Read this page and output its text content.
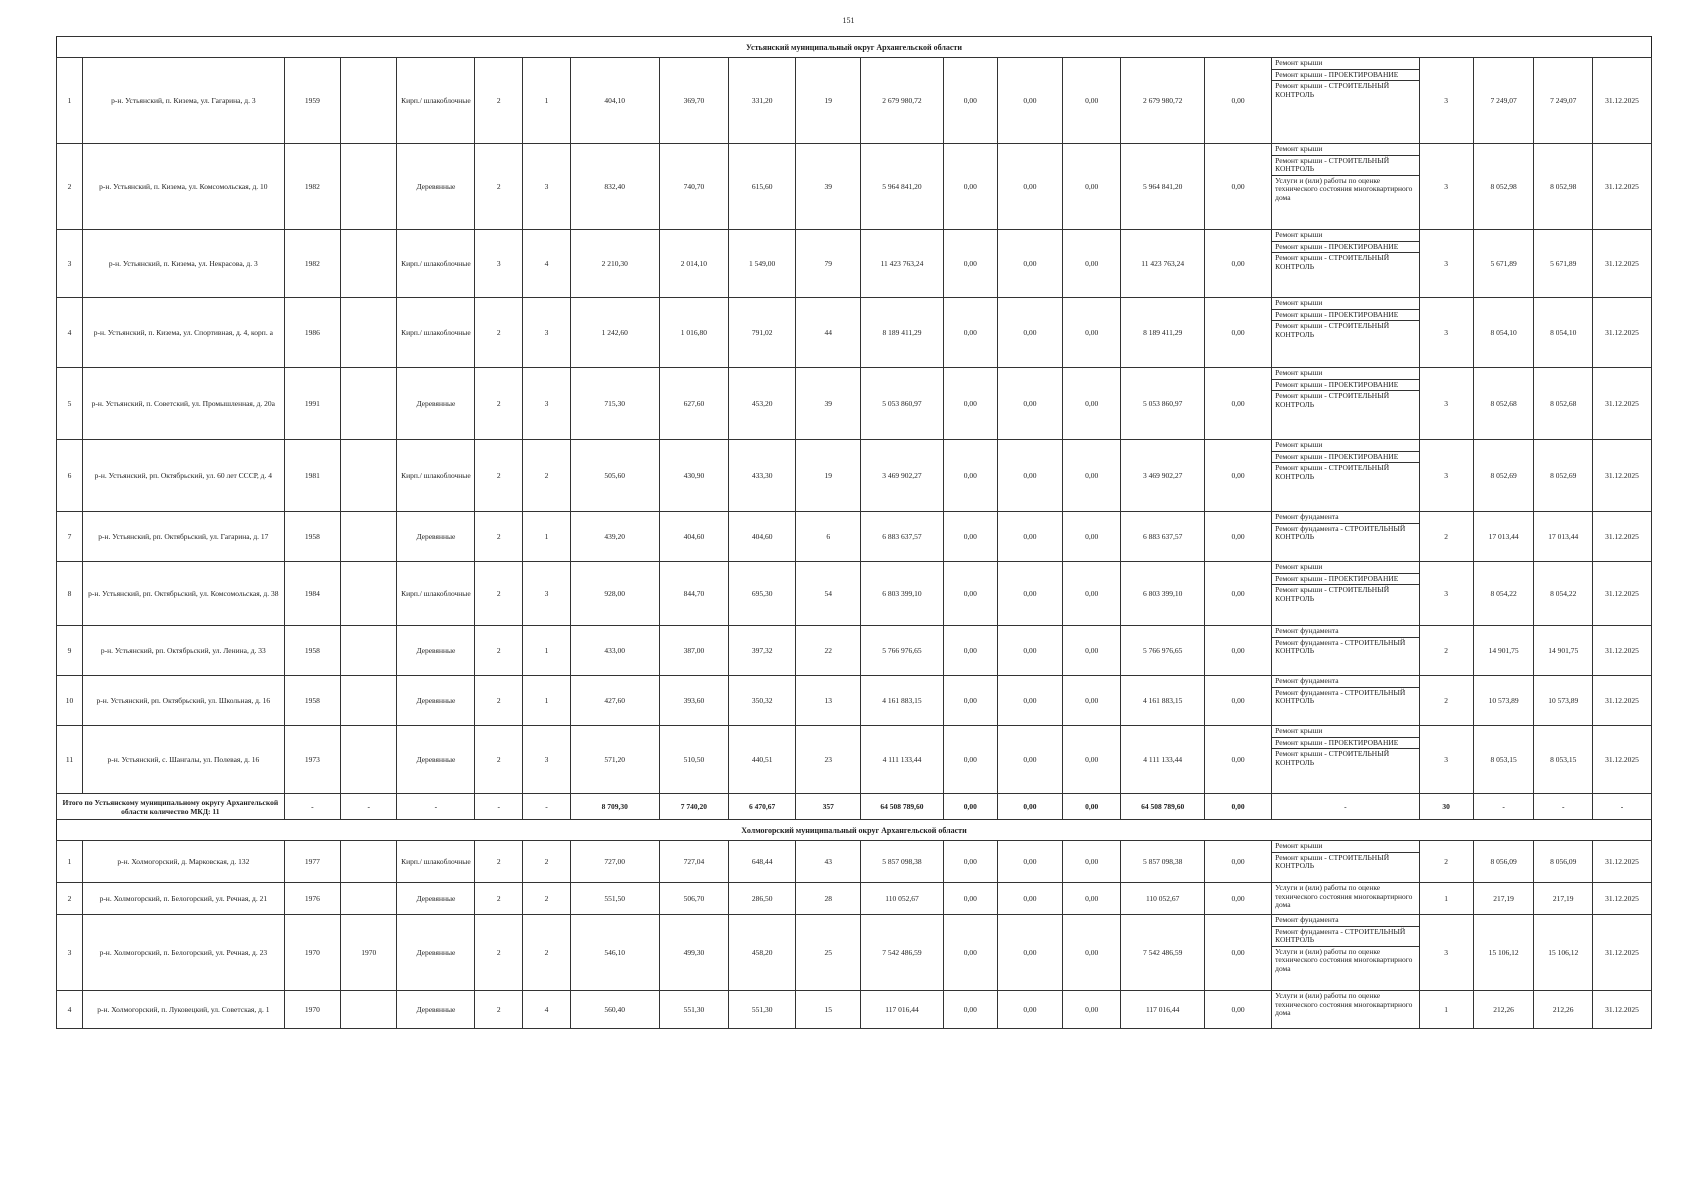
151
Устьянский муниципальный округ Архангельской области																					
1	р-н. Устьянский, п. Кизема, ул. Гагарина, д. 3	1959		Кирп./ шлакоблочные	2	1	404,10	369,70	331,20	19	2 679 980,72	0,00	0,00	0,00	2 679 980,72	0,00	Ремонт крыши
Ремонт крыши - ПРОЕКТИРОВАНИЕ
Ремонт крыши - СТРОИТЕЛЬНЫЙ КОНТРОЛЬ	3	7 249,07	7 249,07	31.12.2025
2	р-н. Устьянский, п. Кизема, ул. Комсомольская, д. 10	1982		Деревянные	2	3	832,40	740,70	615,60	39	5 964 841,20	0,00	0,00	0,00	5 964 841,20	0,00	Ремонт крыши
Ремонт крыши - СТРОИТЕЛЬНЫЙ КОНТРОЛЬ
Услуги и (или) работы по оценке технического состояния многоквартирного дома	3	8 052,98	8 052,98	31.12.2025
3	р-н. Устьянский, п. Кизема, ул. Некрасова, д. 3	1982		Кирп./ шлакоблочные	3	4	2 210,30	2 014,10	1 549,00	79	11 423 763,24	0,00	0,00	0,00	11 423 763,24	0,00	Ремонт крыши
Ремонт крыши - ПРОЕКТИРОВАНИЕ
Ремонт крыши - СТРОИТЕЛЬНЫЙ КОНТРОЛЬ	3	5 671,89	5 671,89	31.12.2025
4	р-н. Устьянский, п. Кизема, ул. Спортивная, д. 4, корп. а	1986		Кирп./ шлакоблочные	2	3	1 242,60	1 016,80	791,02	44	8 189 411,29	0,00	0,00	0,00	8 189 411,29	0,00	Ремонт крыши
Ремонт крыши - ПРОЕКТИРОВАНИЕ
Ремонт крыши - СТРОИТЕЛЬНЫЙ КОНТРОЛЬ	3	8 054,10	8 054,10	31.12.2025
5	р-н. Устьянский, п. Советский, ул. Промышленная, д. 20а	1991		Деревянные	2	3	715,30	627,60	453,20	39	5 053 860,97	0,00	0,00	0,00	5 053 860,97	0,00	Ремонт крыши
Ремонт крыши - ПРОЕКТИРОВАНИЕ
Ремонт крыши - СТРОИТЕЛЬНЫЙ КОНТРОЛЬ	3	8 052,68	8 052,68	31.12.2025
6	р-н. Устьянский, рп. Октябрьский, ул. 60 лет СССР, д. 4	1981		Кирп./ шлакоблочные	2	2	505,60	430,90	433,30	19	3 469 902,27	0,00	0,00	0,00	3 469 902,27	0,00	Ремонт крыши
Ремонт крыши - ПРОЕКТИРОВАНИЕ
Ремонт крыши - СТРОИТЕЛЬНЫЙ КОНТРОЛЬ	3	8 052,69	8 052,69	31.12.2025
7	р-н. Устьянский, рп. Октябрьский, ул. Гагарина, д. 17	1958		Деревянные	2	1	439,20	404,60	404,60	6	6 883 637,57	0,00	0,00	0,00	6 883 637,57	0,00	Ремонт фундамента
Ремонт фундамента - СТРОИТЕЛЬНЫЙ КОНТРОЛЬ	2	17 013,44	17 013,44	31.12.2025
8	р-н. Устьянский, рп. Октябрьский, ул. Комсомольская, д. 38	1984		Кирп./ шлакоблочные	2	3	928,00	844,70	695,30	54	6 803 399,10	0,00	0,00	0,00	6 803 399,10	0,00	Ремонт крыши
Ремонт крыши - ПРОЕКТИРОВАНИЕ
Ремонт крыши - СТРОИТЕЛЬНЫЙ КОНТРОЛЬ	3	8 054,22	8 054,22	31.12.2025
9	р-н. Устьянский, рп. Октябрьский, ул. Ленина, д. 33	1958		Деревянные	2	1	433,00	387,00	397,32	22	5 766 976,65	0,00	0,00	0,00	5 766 976,65	0,00	Ремонт фундамента
Ремонт фундамента - СТРОИТЕЛЬНЫЙ КОНТРОЛЬ	2	14 901,75	14 901,75	31.12.2025
10	р-н. Устьянский, рп. Октябрьский, ул. Школьная, д. 16	1958		Деревянные	2	1	427,60	393,60	350,32	13	4 161 883,15	0,00	0,00	0,00	4 161 883,15	0,00	Ремонт фундамента
Ремонт фундамента - СТРОИТЕЛЬНЫЙ КОНТРОЛЬ	2	10 573,89	10 573,89	31.12.2025
11	р-н. Устьянский, с. Шангалы, ул. Полевая, д. 16	1973		Деревянные	2	3	571,20	510,50	440,51	23	4 111 133,44	0,00	0,00	0,00	4 111 133,44	0,00	Ремонт крыши
Ремонт крыши - ПРОЕКТИРОВАНИЕ
Ремонт крыши - СТРОИТЕЛЬНЫЙ КОНТРОЛЬ	3	8 053,15	8 053,15	31.12.2025
Итого по Устьянскому муниципальному округу Архангельской области количество МКД: 11		-	-	-	-	-	8 709,30	7 740,20	6 470,67	357	64 508 789,60	0,00	0,00	0,00	64 508 789,60	0,00	-	30	-	-	-
Холмогорский муниципальный округ Архангельской области																					
1	р-н. Холмогорский, д. Марковская, д. 132	1977		Кирп./ шлакоблочные	2	2	727,00	727,04	648,44	43	5 857 098,38	0,00	0,00	0,00	5 857 098,38	0,00	Ремонт крыши
Ремонт крыши - СТРОИТЕЛЬНЫЙ КОНТРОЛЬ	2	8 056,09	8 056,09	31.12.2025
2	р-н. Холмогорский, п. Белогорский, ул. Речная, д. 21	1976		Деревянные	2	2	551,50	506,70	286,50	28	110 052,67	0,00	0,00	0,00	110 052,67	0,00	Услуги и (или) работы по оценке технического состояния многоквартирного дома	1	217,19	217,19	31.12.2025
3	р-н. Холмогорский, п. Белогорский, ул. Речная, д. 23	1970	1970	Деревянные	2	2	546,10	499,30	458,20	25	7 542 486,59	0,00	0,00	0,00	7 542 486,59	0,00	Ремонт фундамента
Ремонт фундамента - СТРОИТЕЛЬНЫЙ КОНТРОЛЬ
Услуги и (или) работы по оценке технического состояния многоквартирного дома	3	15 106,12	15 106,12	31.12.2025
4	р-н. Холмогорский, п. Луковецкий, ул. Советская, д. 1	1970		Деревянные	2	4	560,40	551,30	551,30	15	117 016,44	0,00	0,00	0,00	117 016,44	0,00	Услуги и (или) работы по оценке технического состояния многоквартирного дома	1	212,26	212,26	31.12.2025
